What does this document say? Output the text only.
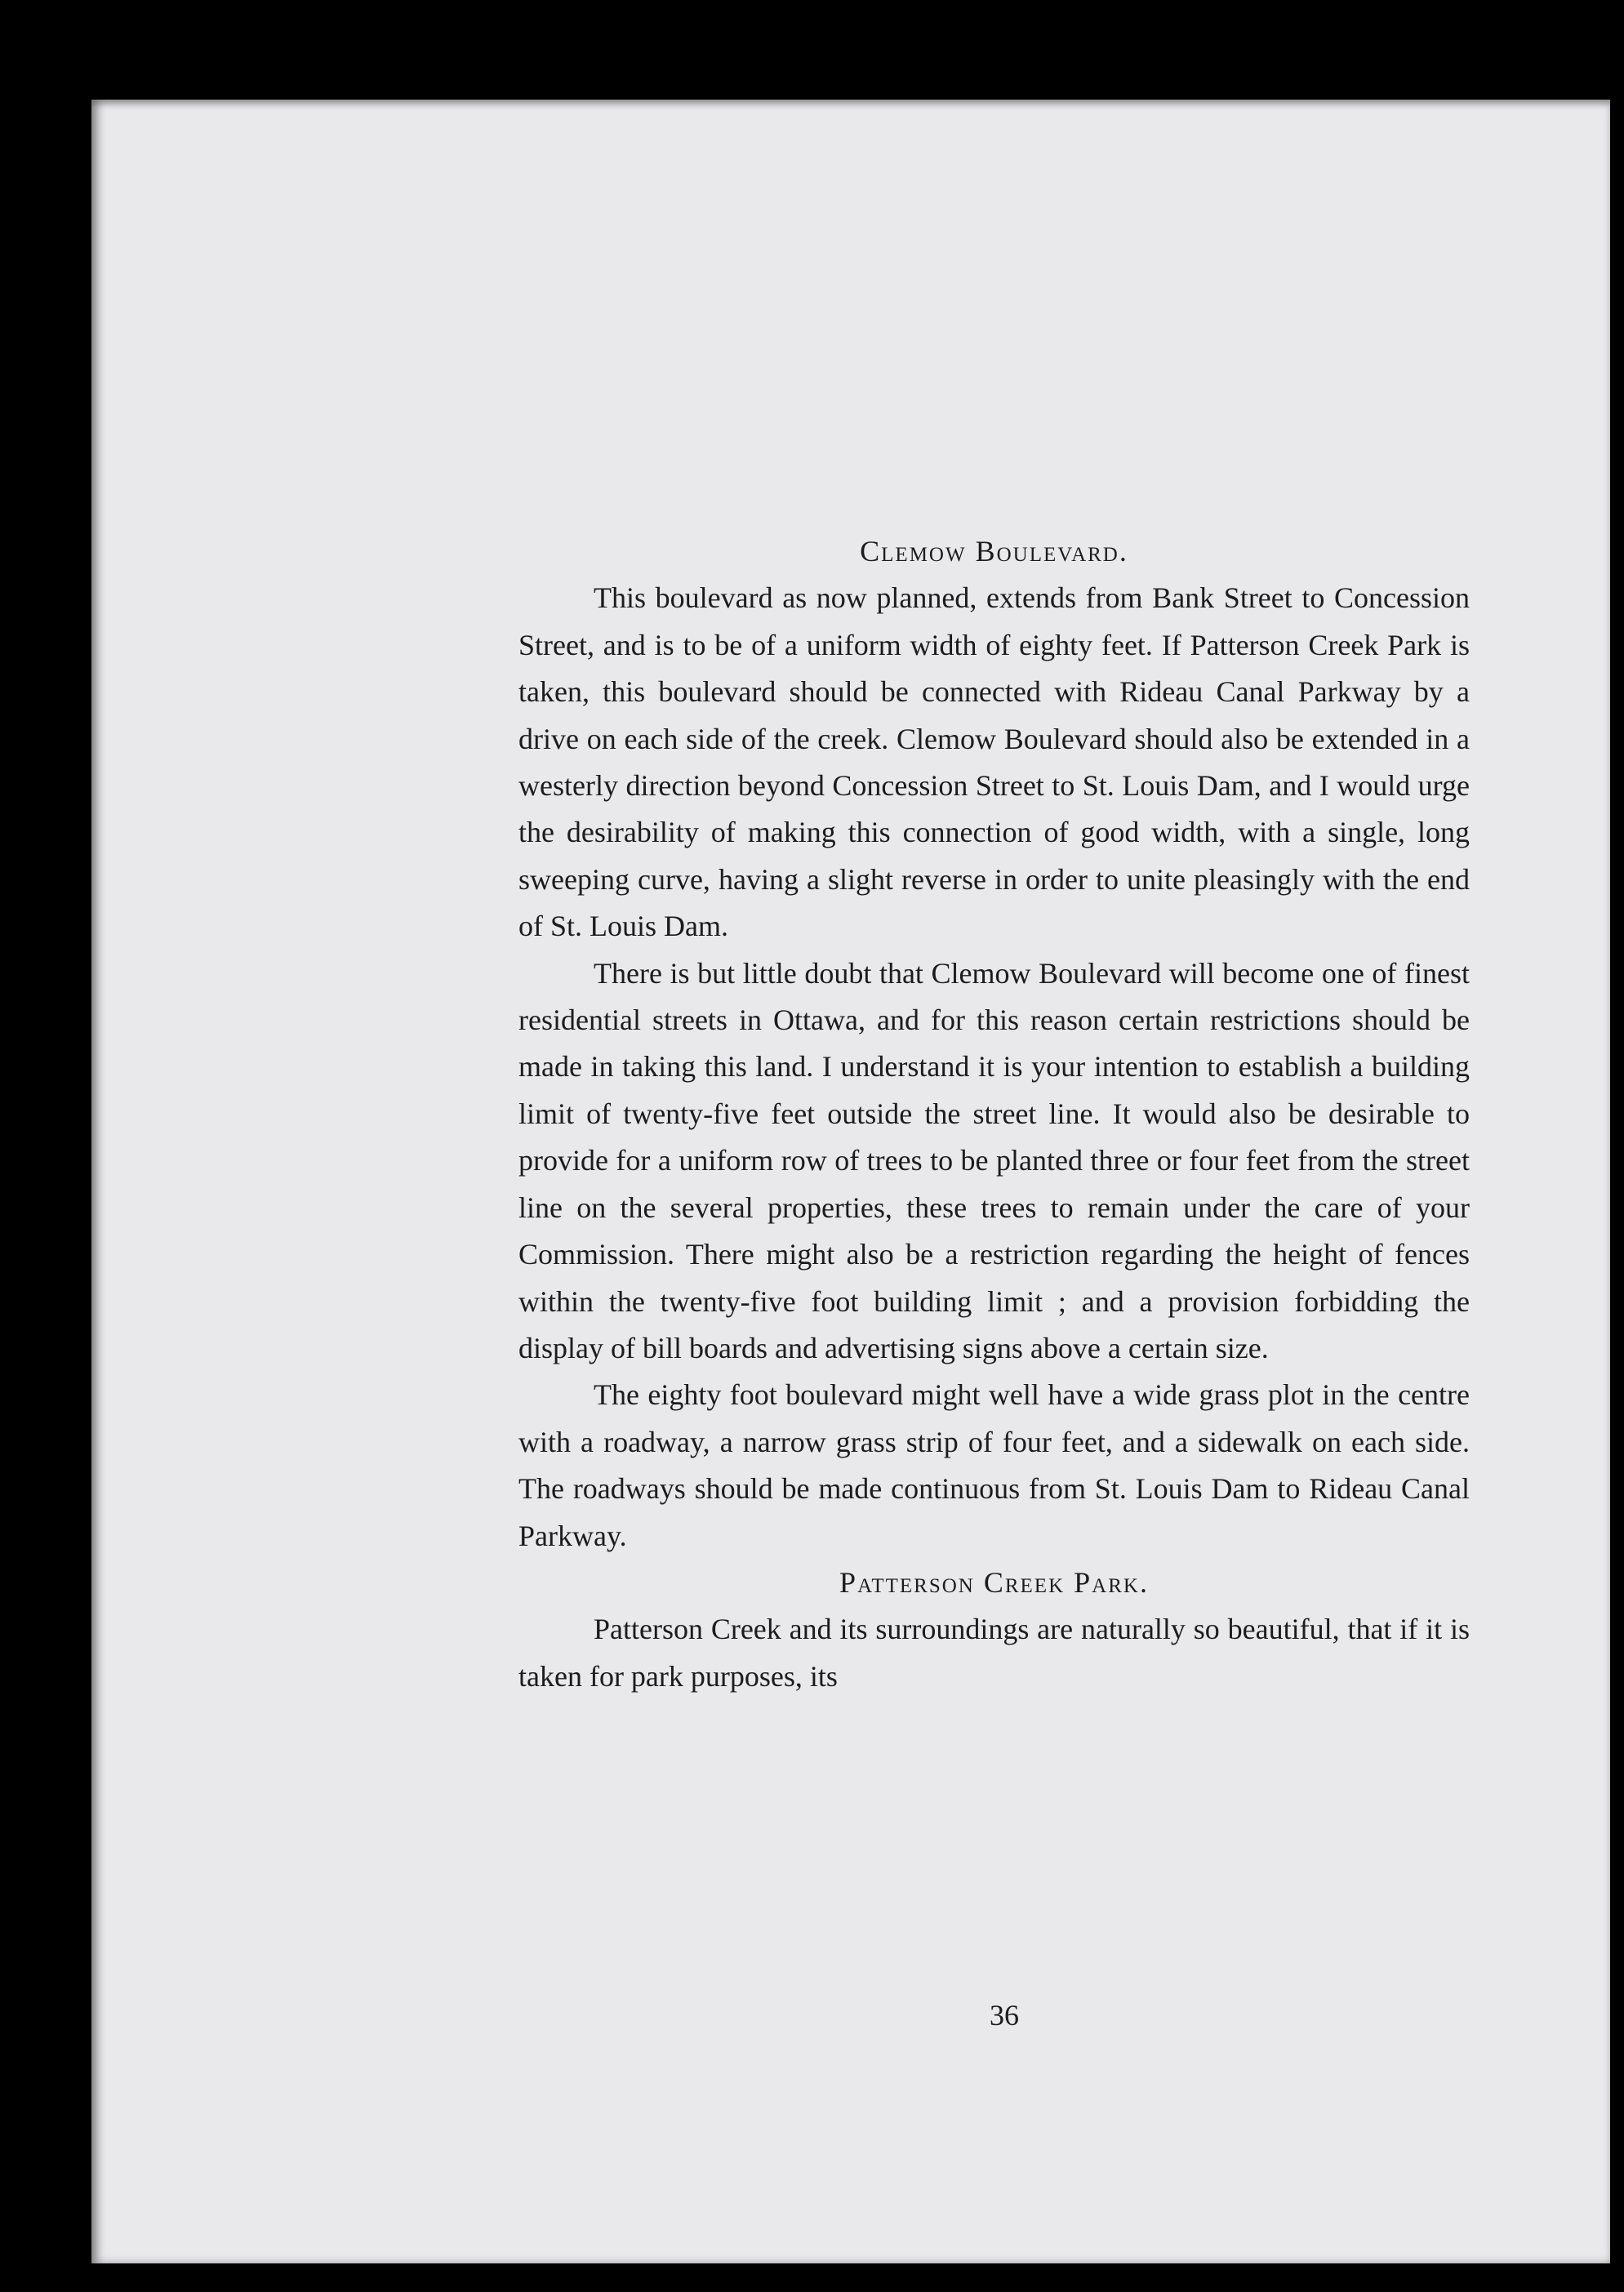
Clemow Boulevard.

This boulevard as now planned, extends from Bank Street to Concession Street, and is to be of a uniform width of eighty feet. If Patterson Creek Park is taken, this boulevard should be connected with Rideau Canal Parkway by a drive on each side of the creek. Clemow Boulevard should also be extended in a westerly direction beyond Concession Street to St. Louis Dam, and I would urge the desirability of making this connection of good width, with a single, long sweeping curve, having a slight reverse in order to unite pleasingly with the end of St. Louis Dam.

There is but little doubt that Clemow Boulevard will become one of finest residential streets in Ottawa, and for this reason certain restrictions should be made in taking this land. I understand it is your intention to establish a building limit of twenty-five feet outside the street line. It would also be desirable to provide for a uniform row of trees to be planted three or four feet from the street line on the several properties, these trees to remain under the care of your Commission. There might also be a restriction regarding the height of fences within the twenty-five foot building limit ; and a provision forbidding the display of bill boards and advertising signs above a certain size.

The eighty foot boulevard might well have a wide grass plot in the centre with a roadway, a narrow grass strip of four feet, and a sidewalk on each side. The roadways should be made continuous from St. Louis Dam to Rideau Canal Parkway.

Patterson Creek Park.

Patterson Creek and its surroundings are naturally so beautiful, that if it is taken for park purposes, its

36
